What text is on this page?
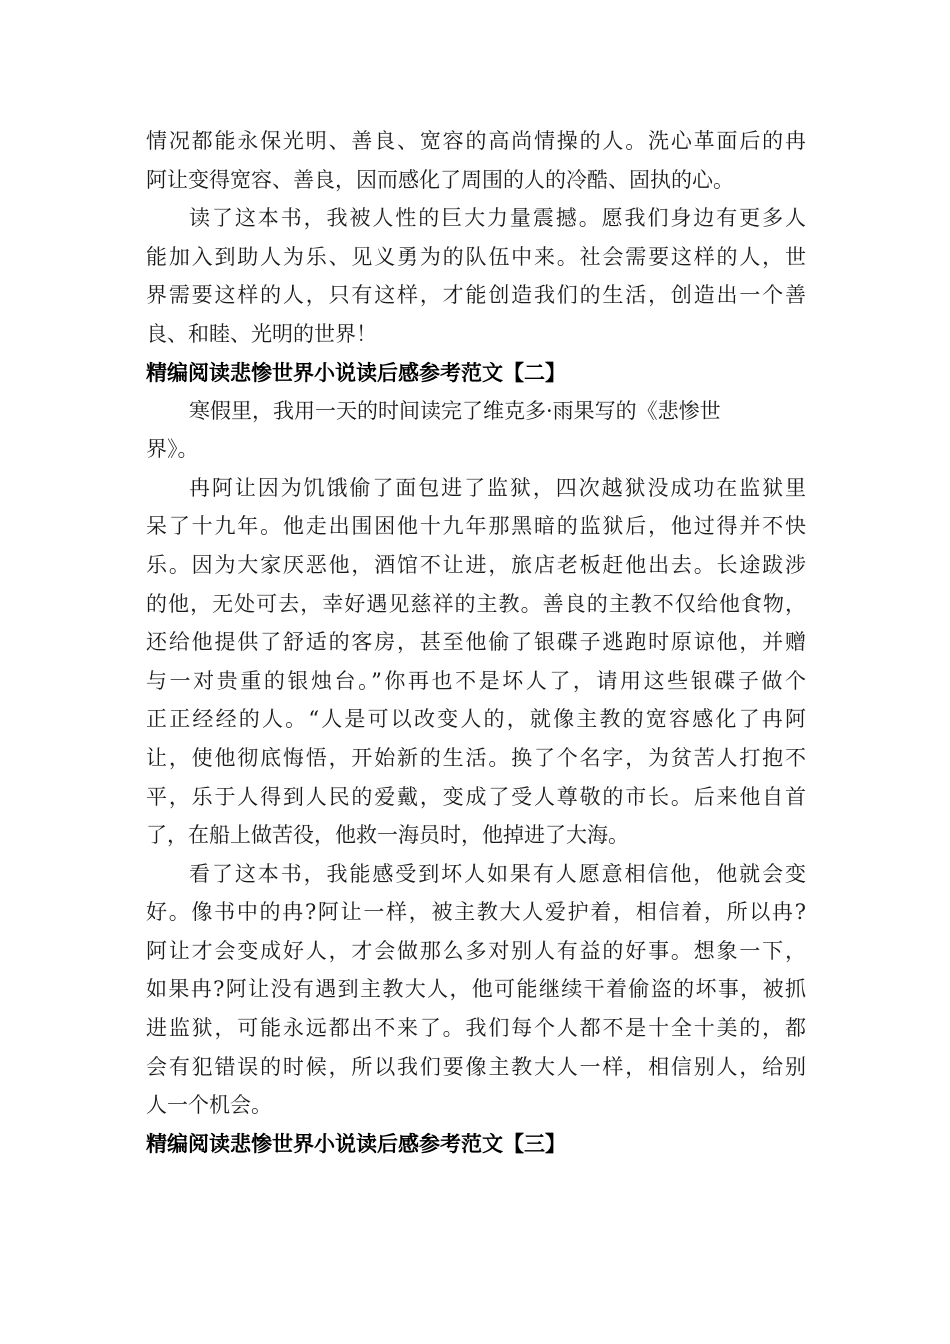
情况都能永保光明、善良、宽容的高尚情操的人。洗心革面后的冉
阿让变得宽容、善良，因而感化了周围的人的冷酷、固执的心。
读了这本书，我被人性的巨大力量震撼。愿我们身边有更多人
能加入到助人为乐、见义勇为的队伍中来。社会需要这样的人，世
界需要这样的人，只有这样，才能创造我们的生活，创造出一个善
良、和睦、光明的世界！
精编阅读悲惨世界小说读后感参考范文【二】
寒假里，我用一天的时间读完了维克多·雨果写的《悲惨世
界》。
冉阿让因为饥饿偷了面包进了监狱，四次越狱没成功在监狱里
呆了十九年。他走出围困他十九年那黑暗的监狱后，他过得并不快
乐。因为大家厌恶他，酒馆不让进，旅店老板赶他出去。长途跋涉
的他，无处可去，幸好遇见慈祥的主教。善良的主教不仅给他食物，
还给他提供了舒适的客房，甚至他偷了银碟子逃跑时原谅他，并赠
与一对贵重的银烛台。”你再也不是坏人了，请用这些银碟子做个
正正经经的人。“人是可以改变人的，就像主教的宽容感化了冉阿
让，使他彻底悔悟，开始新的生活。换了个名字，为贫苦人打抱不
平，乐于人得到人民的爱戴，变成了受人尊敬的市长。后来他自首
了，在船上做苦役，他救一海员时，他掉进了大海。
看了这本书，我能感受到坏人如果有人愿意相信他，他就会变
好。像书中的冉?阿让一样，被主教大人爱护着，相信着，所以冉?
阿让才会变成好人，才会做那么多对别人有益的好事。想象一下，
如果冉?阿让没有遇到主教大人，他可能继续干着偷盗的坏事，被抓
进监狱，可能永远都出不来了。我们每个人都不是十全十美的，都
会有犯错误的时候，所以我们要像主教大人一样，相信别人，给别
人一个机会。
精编阅读悲惨世界小说读后感参考范文【三】
